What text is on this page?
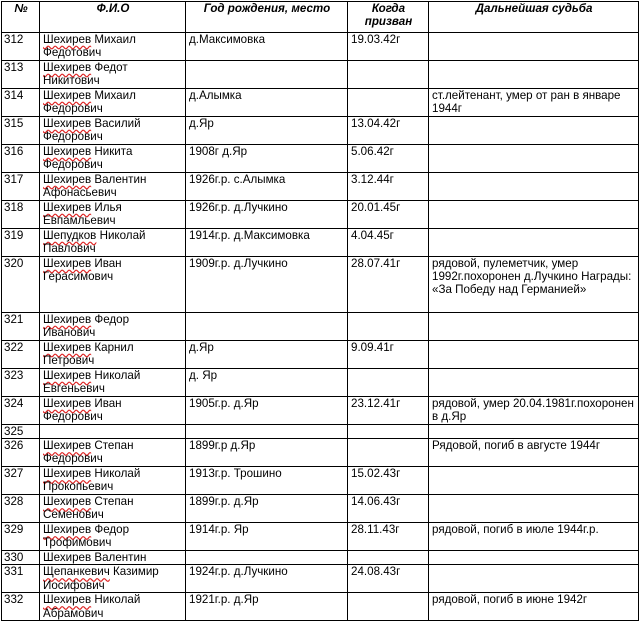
№	Ф.И.О	Год рождения, место	Когда призван	Дальнейшая судьба
312	Шехирев Михаил Федотович	д.Максимовка	19.03.42г	
313	Шехирев Федот Никитович			
314	Шехирев Михаил Федорович	д.Алымка		ст.лейтенант, умер от ран в январе 1944г
315	Шехирев Василий Федорович	д.Яр	13.04.42г	
316	Шехирев Никита Федорович	1908г д.Яр	5.06.42г	
317	Шехирев Валентин Афонасьевич	1926г.р. с.Алымка	3.12.44г	
318	Шехирев Илья Евпамльевич	1926г.р. д.Лучкино	20.01.45г	
319	Шепудков Николай Павлович	1914г.р. д.Максимовка	4.04.45г	
320	Шехирев Иван Герасимович	1909г.р. д.Лучкино	28.07.41г	рядовой, пулеметчик, умер 1992г.похоронен д.Лучкино Награды: «За Победу над Германией»
321	Шехирев Федор Иванович			
322	Шехирев Карнил Петрович	д.Яр	9.09.41г	
323	Шехирев Николай Евгеньевич	д. Яр		
324	Шехирев Иван Федорович	1905г.р. д.Яр	23.12.41г	рядовой, умер 20.04.1981г.похоронен в д.Яр
325				
326	Шехирев Степан Федорович	1899г.р д.Яр		Рядовой, погиб в августе 1944г
327	Шехирев Николай Прокопьевич	1913г.р. Трошино	15.02.43г	
328	Шехирев Степан Семенович	1899г.р. д.Яр	14.06.43г	
329	Шехирев Федор Трофимович	1914г.р. Яр	28.11.43г	рядовой, погиб в июле 1944г.р.
330	Шехирев Валентин			
331	Щепанкевич Казимир Иосифович	1924г.р. д.Лучкино	24.08.43г	
332	Шехирев Николай Абрамович	1921г.р. д.Яр		рядовой, погиб в июне 1942г
